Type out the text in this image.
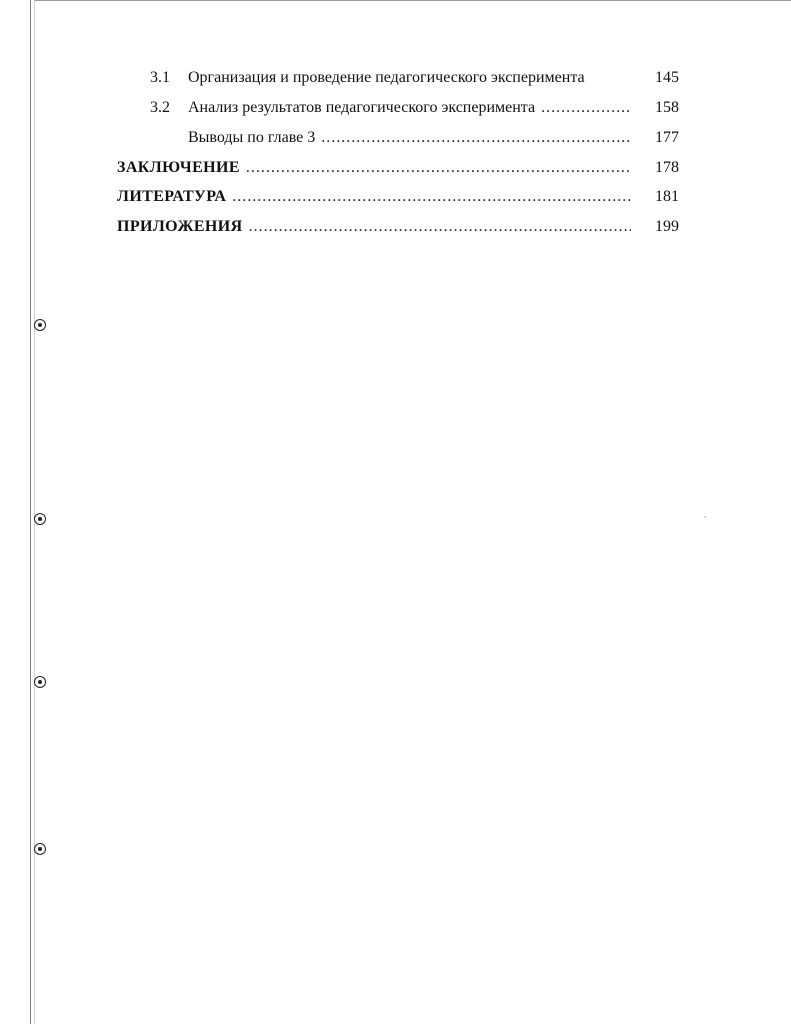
⸱
3.1	Организация и проведение педагогического эксперимента	145
3.2	Анализ результатов педагогического эксперимента .....	158
Выводы по главе 3 .....	177
ЗАКЛЮЧЕНИЕ .....	178
ЛИТЕРАТУРА .....	181
ПРИЛОЖЕНИЯ .....	199
